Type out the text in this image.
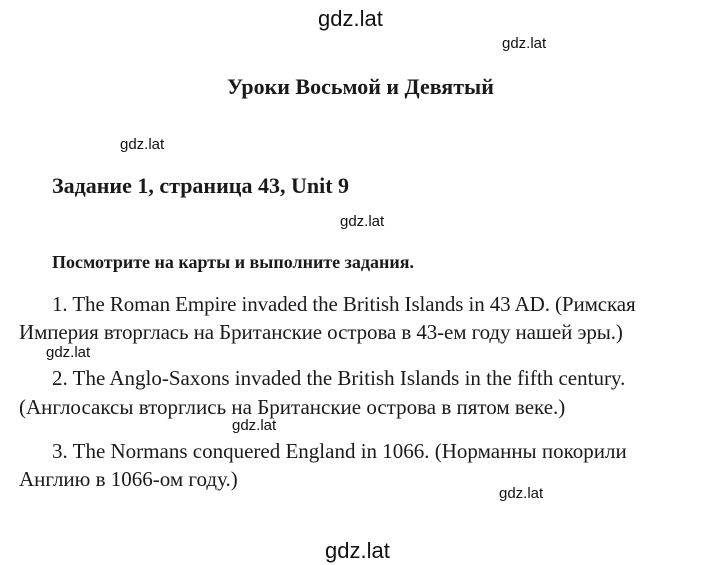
gdz.lat
gdz.lat
gdz.lat
gdz.lat
gdz.lat
gdz.lat
gdz.lat
gdz.lat
Уроки Восьмой и Девятый
Задание 1, страница 43, Unit 9
Посмотрите на карты и выполните задания.
1. The Roman Empire invaded the British Islands in 43 AD. (Римская
Империя вторглась на Британские острова в 43-ем году нашей эры.)
2. The Anglo-Saxons invaded the British Islands in the fifth century.
(Англосаксы вторглись на Британские острова в пятом веке.)
3. The Normans conquered England in 1066. (Норманны покорили
Англию в 1066-ом году.)
